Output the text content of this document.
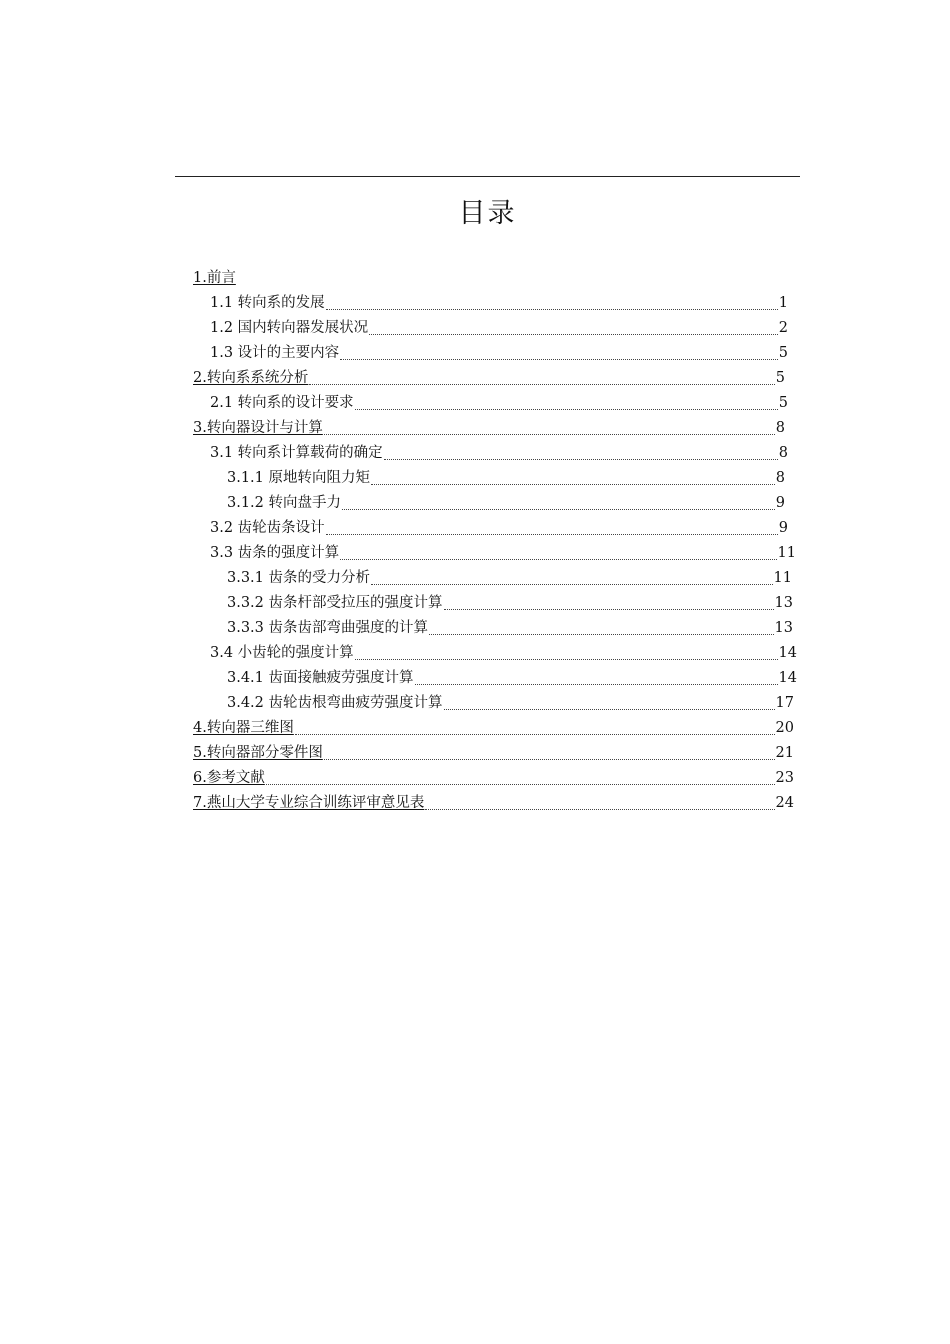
目录
1.前言
1.1 转向系的发展	1
1.2 国内转向器发展状况	2
1.3 设计的主要内容	5
2.转向系系统分析	5
2.1 转向系的设计要求	5
3.转向器设计与计算	8
3.1 转向系计算载荷的确定	8
3.1.1 原地转向阻力矩	8
3.1.2 转向盘手力	9
3.2 齿轮齿条设计	9
3.3 齿条的强度计算	11
3.3.1 齿条的受力分析	11
3.3.2 齿条杆部受拉压的强度计算	13
3.3.3 齿条齿部弯曲强度的计算	13
3.4 小齿轮的强度计算	14
3.4.1 齿面接触疲劳强度计算	14
3.4.2 齿轮齿根弯曲疲劳强度计算	17
4.转向器三维图	20
5.转向器部分零件图	21
6.参考文献	23
7.燕山大学专业综合训练评审意见表	24
